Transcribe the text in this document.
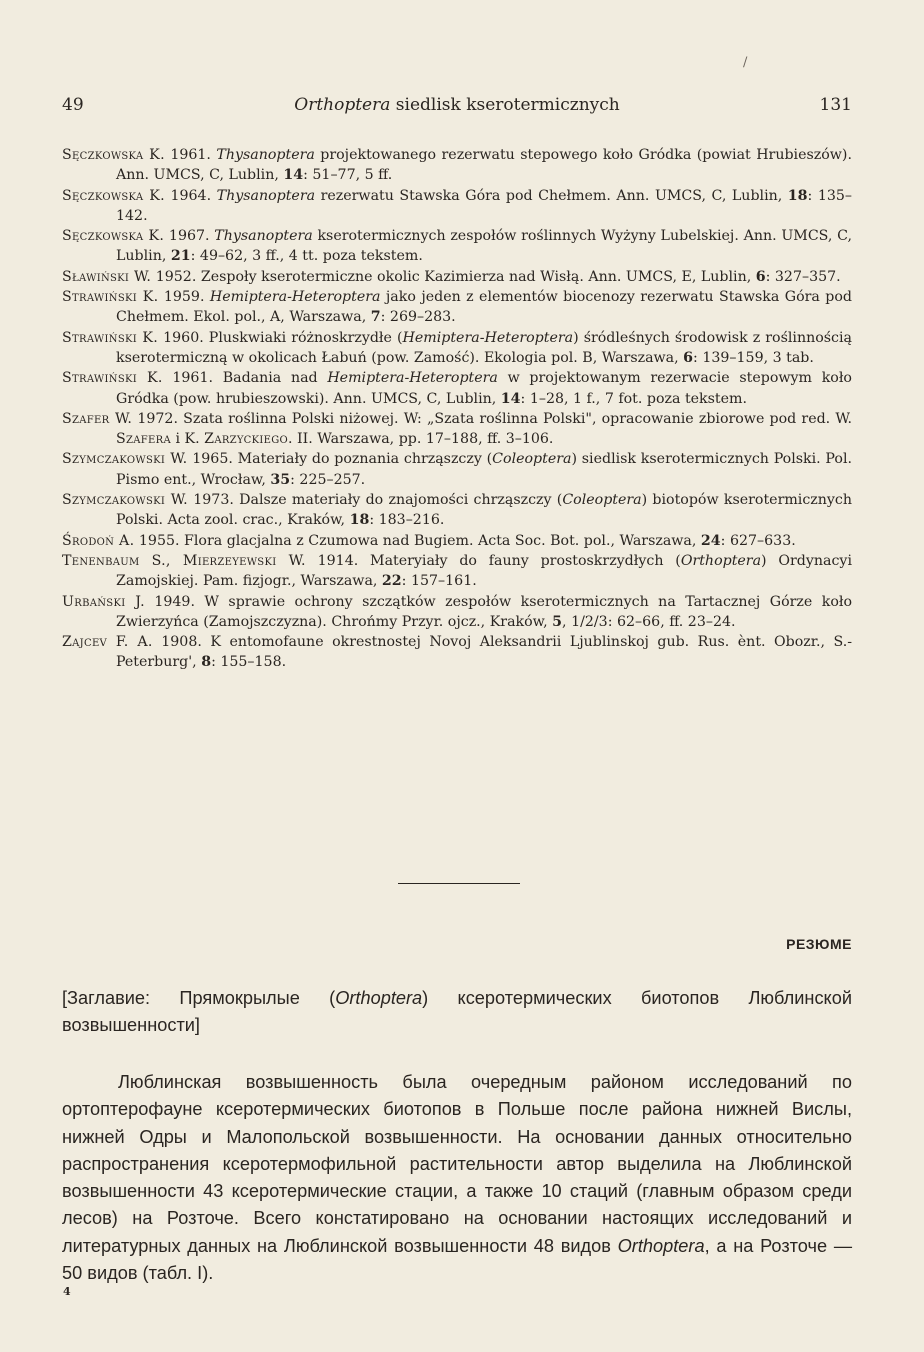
49	Orthoptera siedlisk kserotermicznych	131
/
Sęczkowska K. 1961. Thysanoptera projektowanego rezerwatu stepowego koło Gródka (powiat Hrubieszów). Ann. UMCS, C, Lublin, 14: 51–77, 5 ff.
Sęczkowska K. 1964. Thysanoptera rezerwatu Stawska Góra pod Chełmem. Ann. UMCS, C, Lublin, 18: 135–142.
Sęczkowska K. 1967. Thysanoptera kserotermicznych zespołów roślinnych Wyżyny Lubelskiej. Ann. UMCS, C, Lublin, 21: 49–62, 3 ff., 4 tt. poza tekstem.
Sławiński W. 1952. Zespoły kserotermiczne okolic Kazimierza nad Wisłą. Ann. UMCS, E, Lublin, 6: 327–357.
Strawiński K. 1959. Hemiptera-Heteroptera jako jeden z elementów biocenozy rezerwatu Stawska Góra pod Chełmem. Ekol. pol., A, Warszawa, 7: 269–283.
Strawiński K. 1960. Pluskwiaki różnoskrzydłe (Hemiptera-Heteroptera) śródleśnych środowisk z roślinnością kserotermiczną w okolicach Łabuń (pow. Zamość). Ekologia pol. B, Warszawa, 6: 139–159, 3 tab.
Strawiński K. 1961. Badania nad Hemiptera-Heteroptera w projektowanym rezerwacie stepowym koło Gródka (pow. hrubieszowski). Ann. UMCS, C, Lublin, 14: 1–28, 1 f., 7 fot. poza tekstem.
Szafer W. 1972. Szata roślinna Polski niżowej. W: „Szata roślinna Polski", opracowanie zbiorowe pod red. W. Szafera i K. Zarzyckiego. II. Warszawa, pp. 17–188, ff. 3–106.
Szymczakowski W. 1965. Materiały do poznania chrząszczy (Coleoptera) siedlisk kserotermicznych Polski. Pol. Pismo ent., Wrocław, 35: 225–257.
Szymczakowski W. 1973. Dalsze materiały do znajomości chrząszczy (Coleoptera) biotopów kserotermicznych Polski. Acta zool. crac., Kraków, 18: 183–216.
Środoń A. 1955. Flora glacjalna z Czumowa nad Bugiem. Acta Soc. Bot. pol., Warszawa, 24: 627–633.
Tenenbaum S., Mierzeyewski W. 1914. Materyiały do fauny prostoskrzydłych (Orthoptera) Ordynacyi Zamojskiej. Pam. fizjogr., Warszawa, 22: 157–161.
Urbański J. 1949. W sprawie ochrony szczątków zespołów kserotermicznych na Tartacznej Górze koło Zwierzyńca (Zamojszczyzna). Chrońmy Przyr. ojcz., Kraków, 5, 1/2/3: 62–66, ff. 23–24.
Zajcev F. A. 1908. K entomofaune okrestnostej Novoj Aleksandrii Ljublinskoj gub. Rus. ènt. Obozr., S.-Peterburg', 8: 155–158.
РЕЗЮМЕ
[Заглавие: Прямокрылые (Orthoptera) ксеротермических биотопов Люблинской возвышенности]
Люблинская возвышенность была очередным районом исследований по ортоптерофауне ксеротермических биотопов в Польше после района нижней Вислы, нижней Одры и Малопольской возвышенности. На основании данных относительно распространения ксеротермофильной растительности автор выделила на Люблинской возвышенности 43 ксеротермические стации, а также 10 стаций (главным образом среди лесов) на Розточе. Всего констатировано на основании настоящих исследований и литературных данных на Люблинской возвышенности 48 видов Orthoptera, а на Розточе — 50 видов (табл. I).
4
